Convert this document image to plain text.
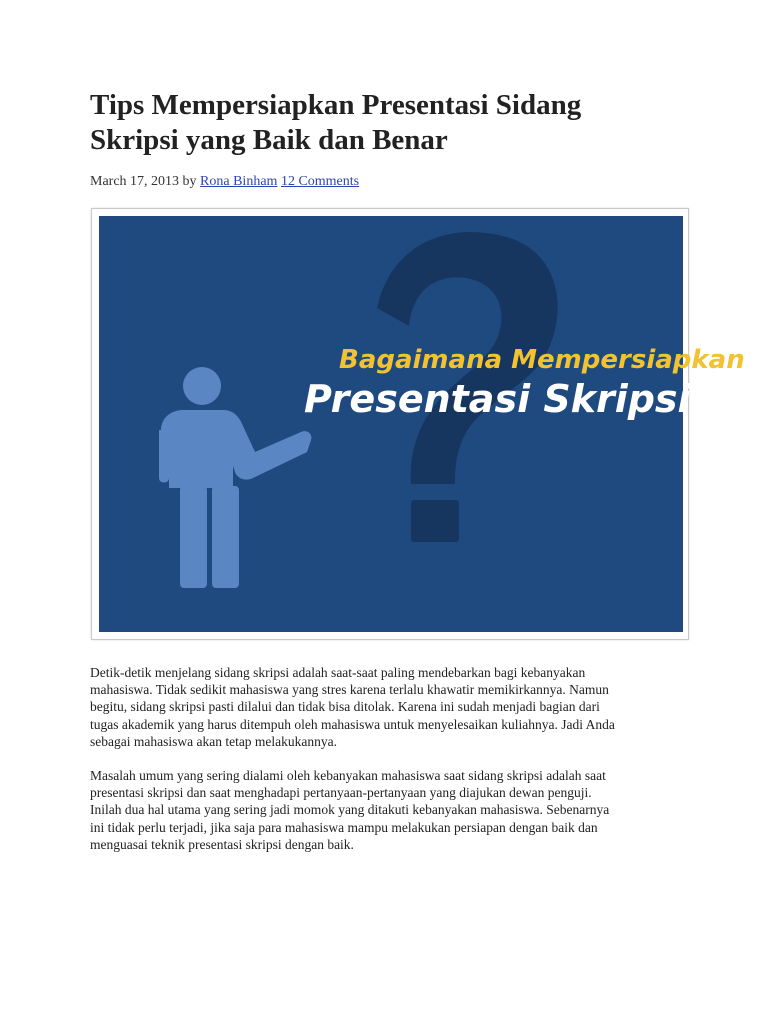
Tips Mempersiapkan Presentasi Sidang
Skripsi yang Baik dan Benar
March 17, 2013 by Rona Binham 12 Comments
Bagaimana Mempersiapkan
Presentasi Skripsi

Detik-detik menjelang sidang skripsi adalah saat-saat paling mendebarkan bagi kebanyakan
mahasiswa. Tidak sedikit mahasiswa yang stres karena terlalu khawatir memikirkannya. Namun
begitu, sidang skripsi pasti dilalui dan tidak bisa ditolak. Karena ini sudah menjadi bagian dari
tugas akademik yang harus ditempuh oleh mahasiswa untuk menyelesaikan kuliahnya. Jadi Anda
sebagai mahasiswa akan tetap melakukannya.

Masalah umum yang sering dialami oleh kebanyakan mahasiswa saat sidang skripsi adalah saat
presentasi skripsi dan saat menghadapi pertanyaan-pertanyaan yang diajukan dewan penguji.
Inilah dua hal utama yang sering jadi momok yang ditakuti kebanyakan mahasiswa. Sebenarnya
ini tidak perlu terjadi, jika saja para mahasiswa mampu melakukan persiapan dengan baik dan
menguasai teknik presentasi skripsi dengan baik.
